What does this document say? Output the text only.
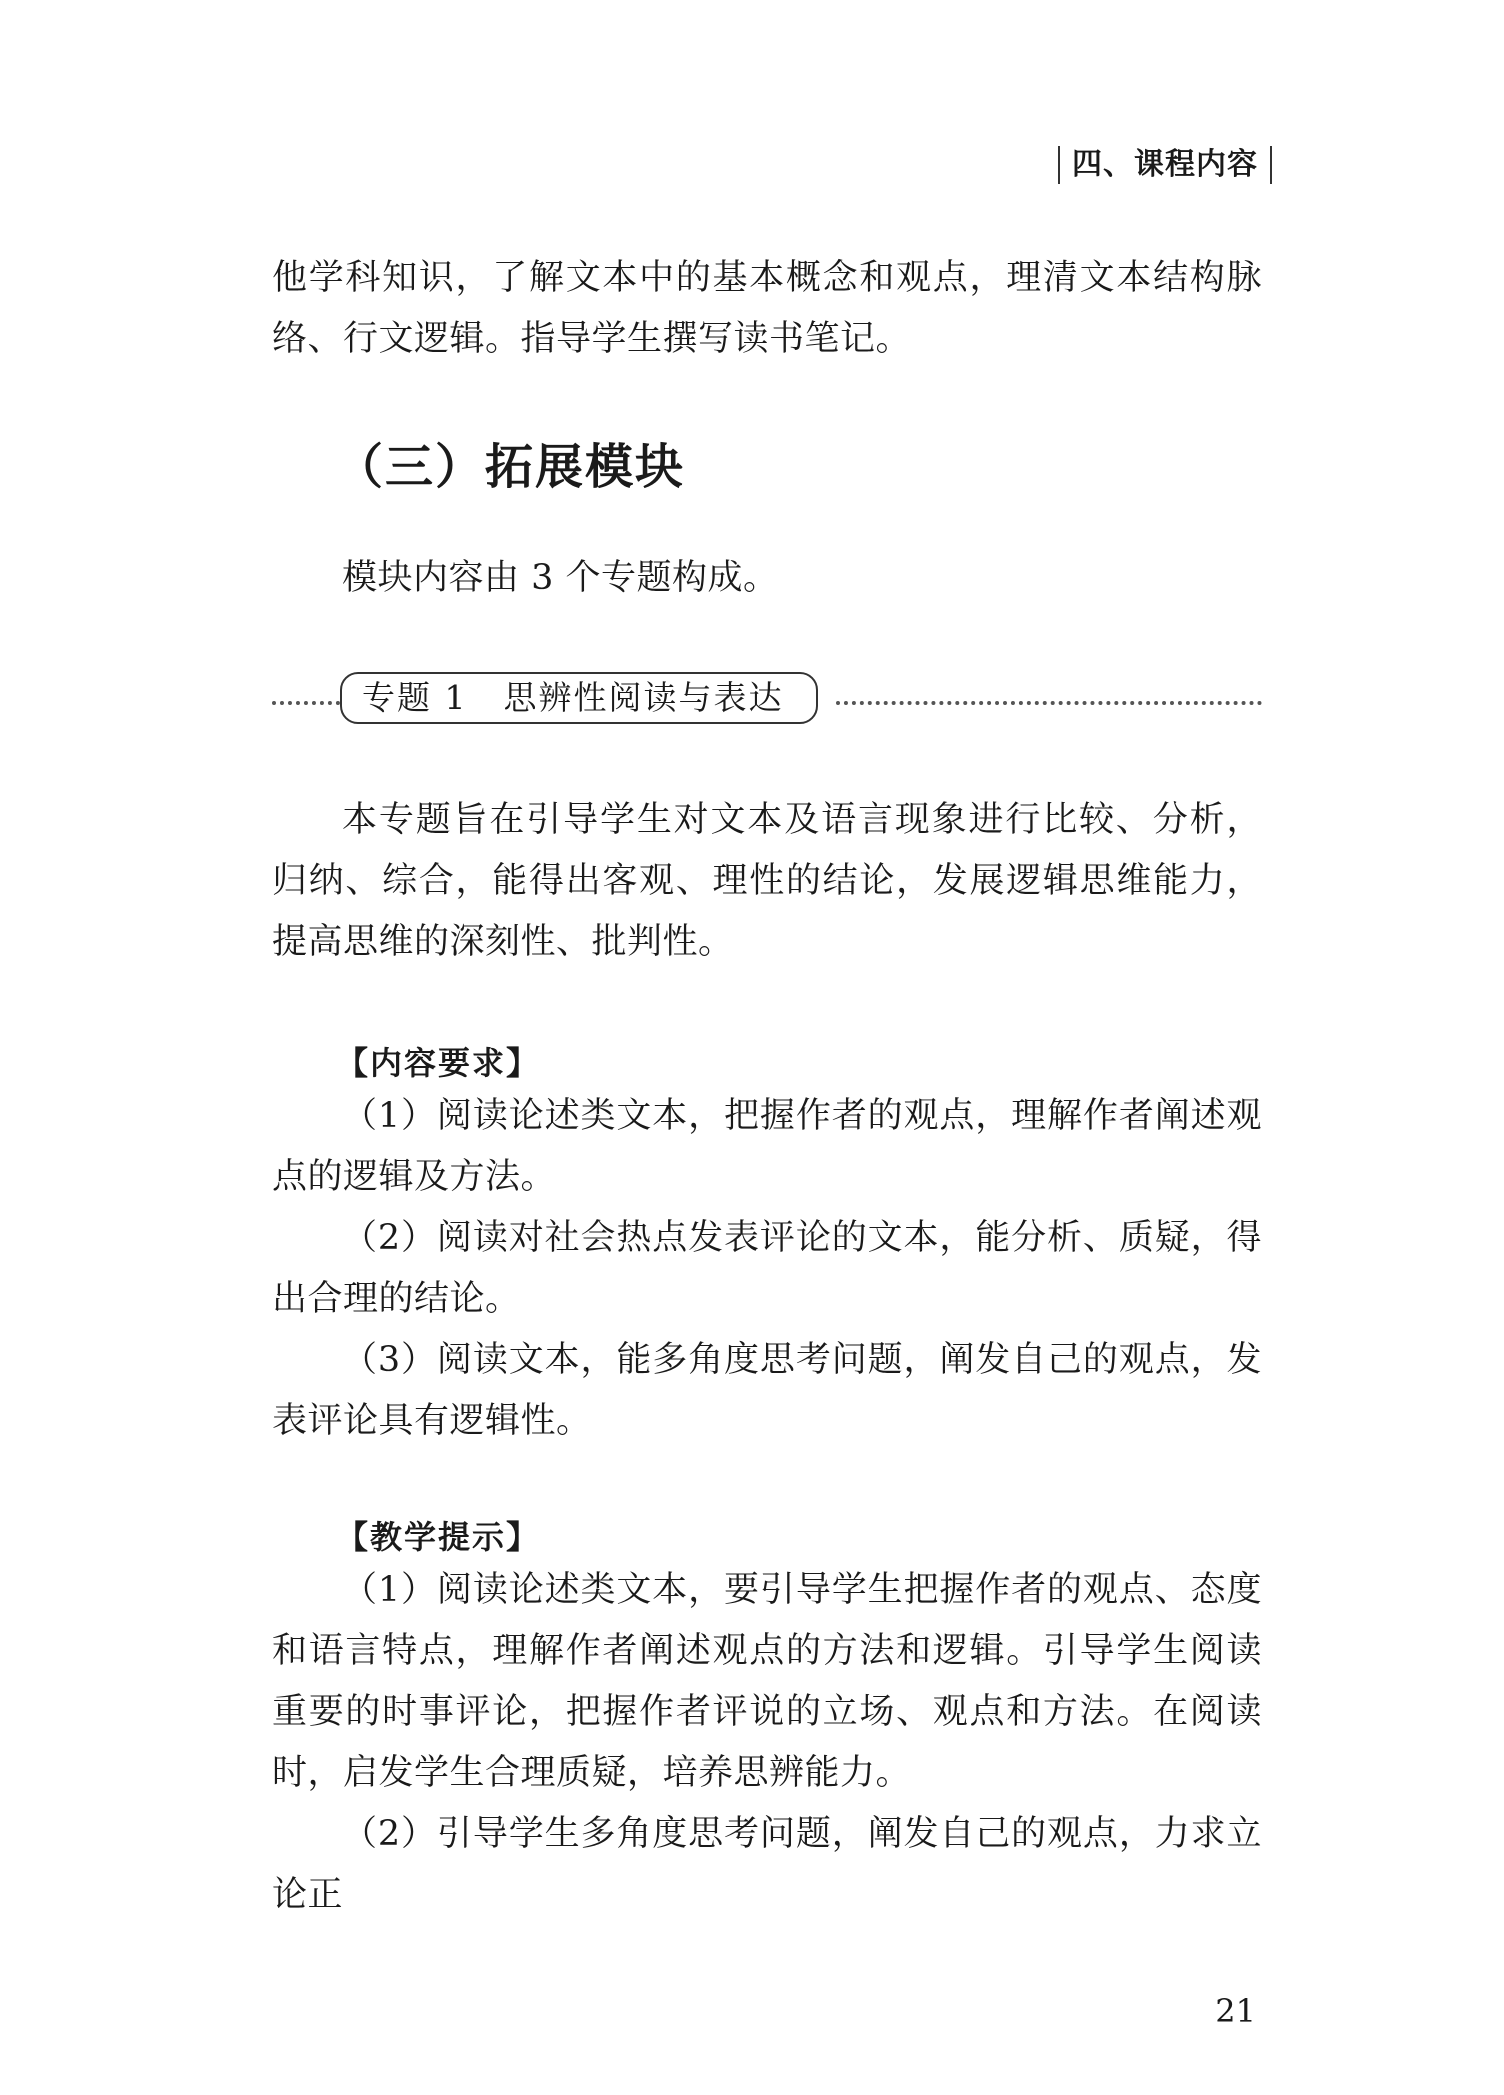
四、课程内容

他学科知识，了解文本中的基本概念和观点，理清文本结构脉络、行文逻辑。指导学生撰写读书笔记。

（三）拓展模块

模块内容由 3 个专题构成。

专题 1 思辨性阅读与表达

本专题旨在引导学生对文本及语言现象进行比较、分析，归纳、综合，能得出客观、理性的结论，发展逻辑思维能力，提高思维的深刻性、批判性。

【内容要求】

（1）阅读论述类文本，把握作者的观点，理解作者阐述观点的逻辑及方法。

（2）阅读对社会热点发表评论的文本，能分析、质疑，得出合理的结论。

（3）阅读文本，能多角度思考问题，阐发自己的观点，发表评论具有逻辑性。

【教学提示】

（1）阅读论述类文本，要引导学生把握作者的观点、态度和语言特点，理解作者阐述观点的方法和逻辑。引导学生阅读重要的时事评论，把握作者评说的立场、观点和方法。在阅读时，启发学生合理质疑，培养思辨能力。

（2）引导学生多角度思考问题，阐发自己的观点，力求立论正

21
